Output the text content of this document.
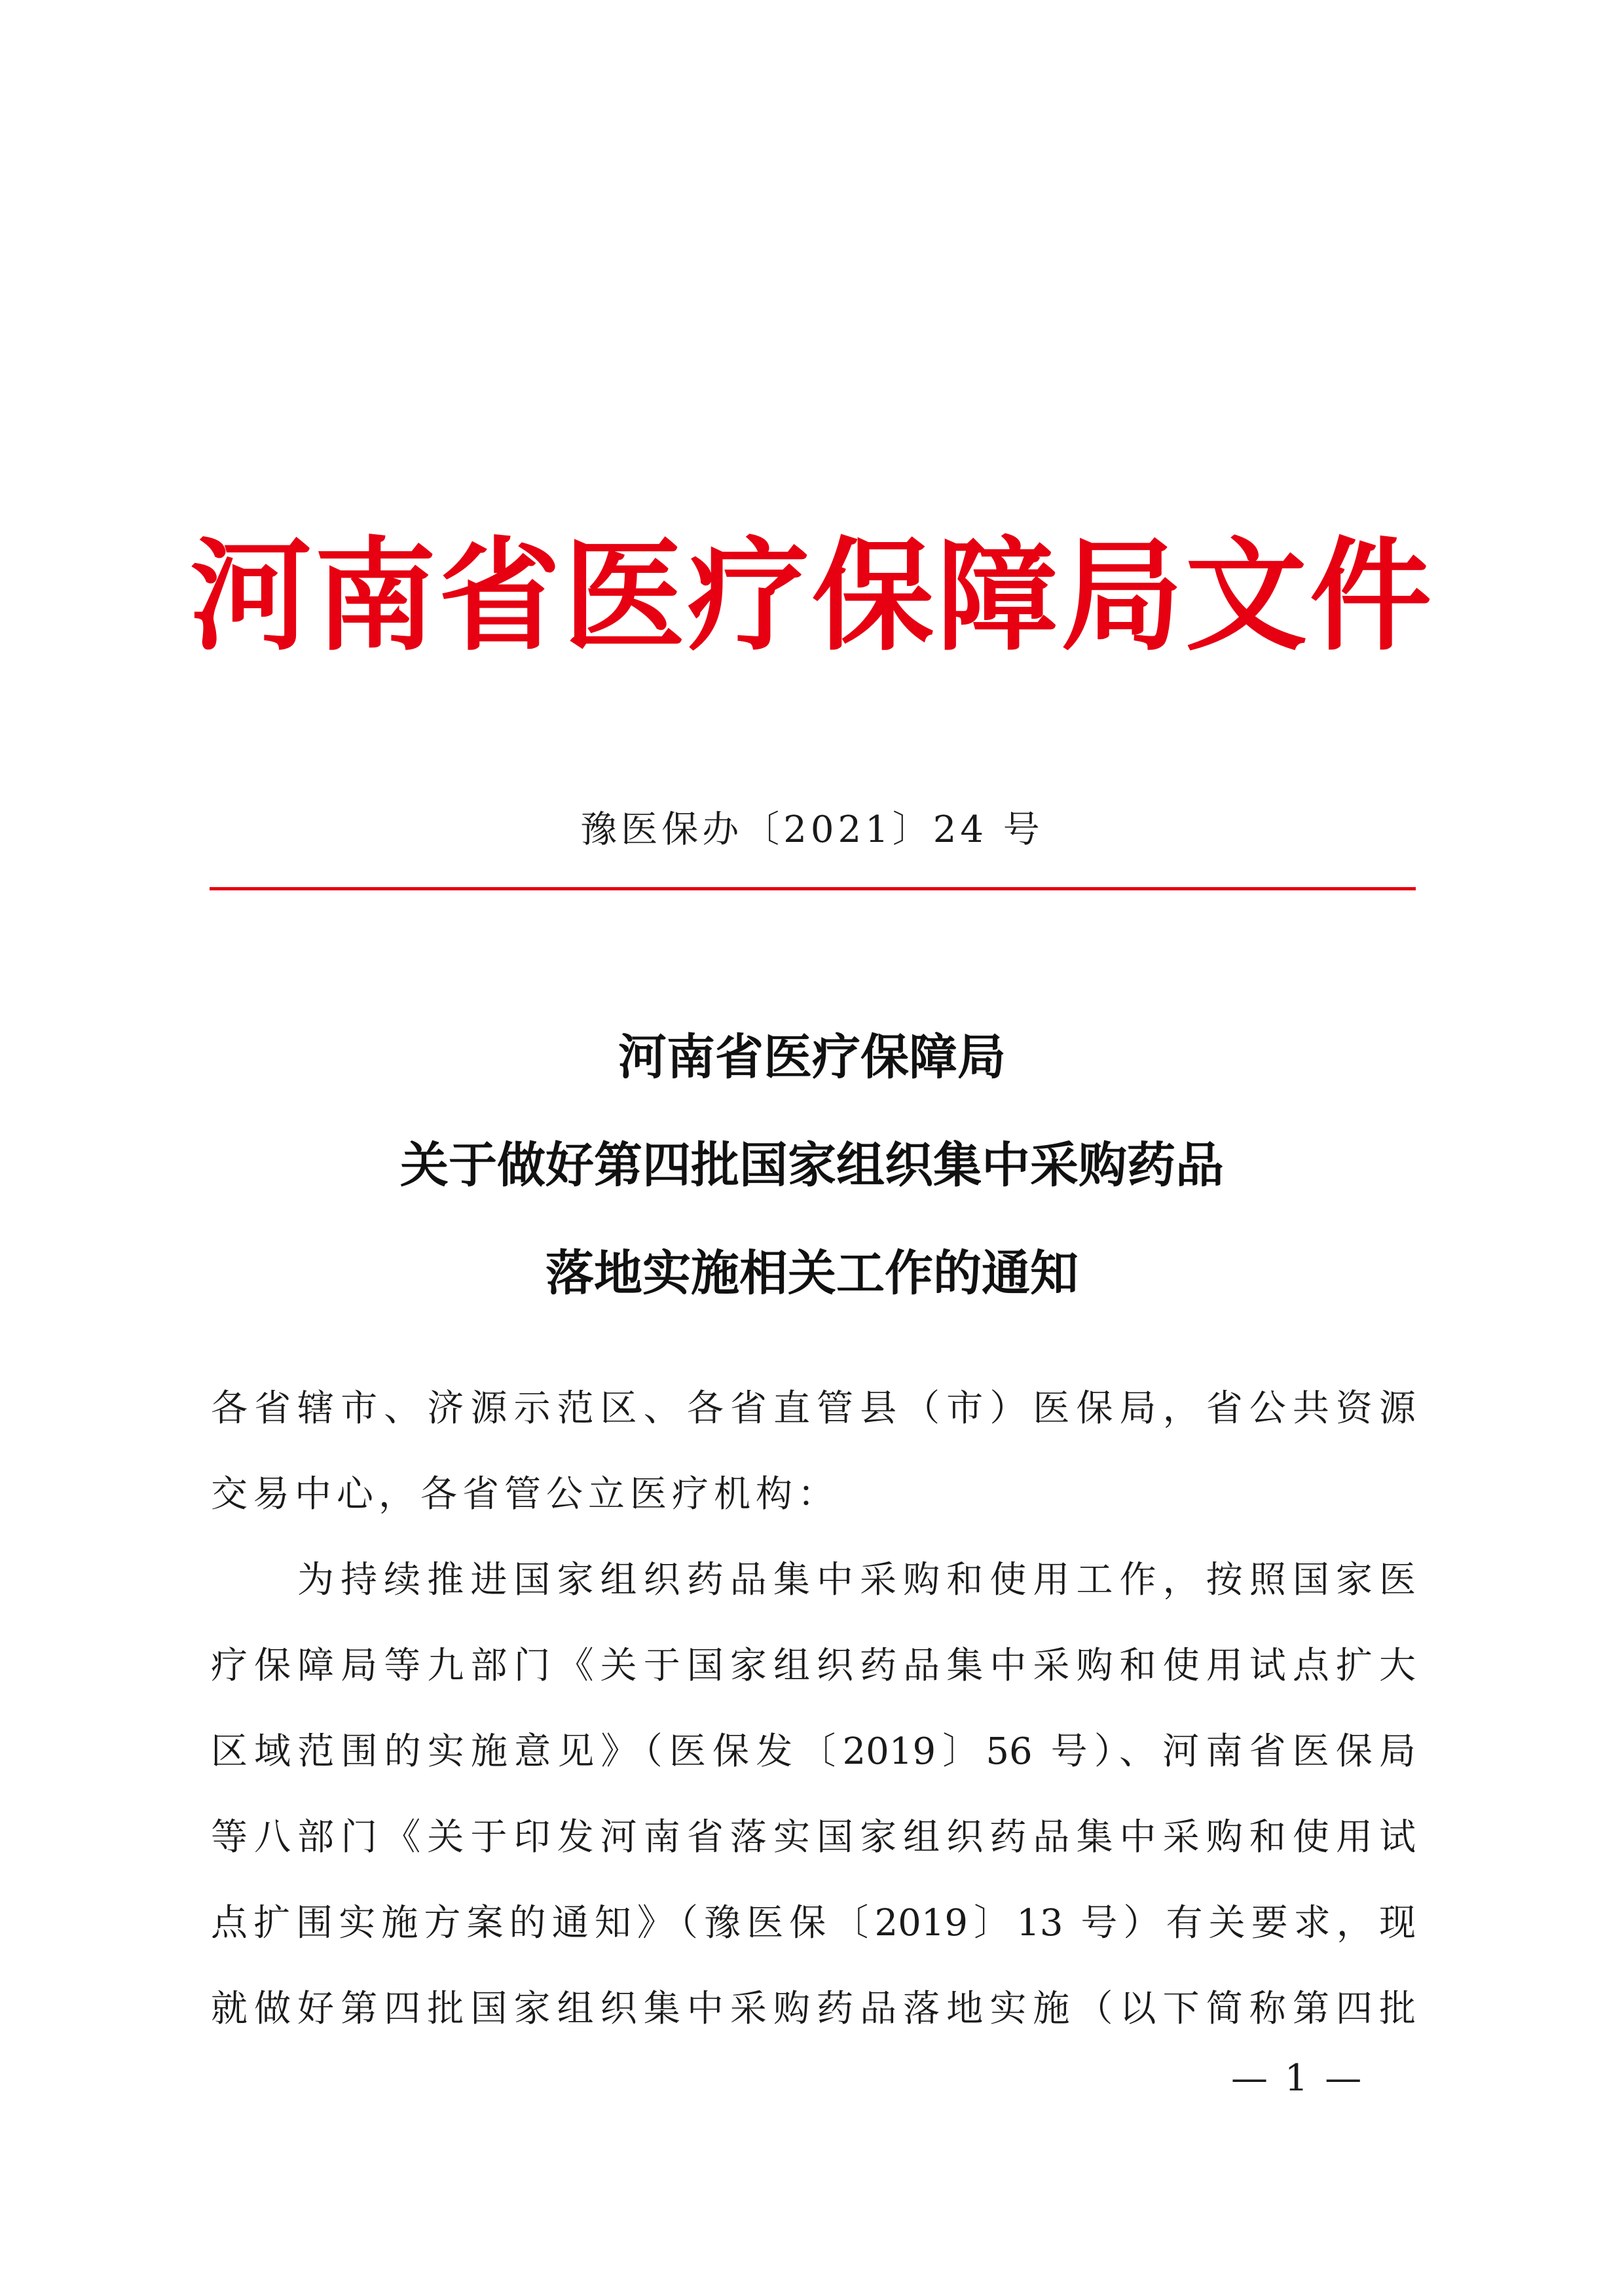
河南省医疗保障局文件
豫医保办〔2021〕24 号
河南省医疗保障局
关于做好第四批国家组织集中采购药品
落地实施相关工作的通知
各省辖市、济源示范区、各省直管县（市）医保局，省公共资源
交易中心，各省管公立医疗机构：
为持续推进国家组织药品集中采购和使用工作，按照国家医
疗保障局等九部门《关于国家组织药品集中采购和使用试点扩大
区域范围的实施意见》（医保发〔2019〕56 号）、河南省医保局
等八部门《关于印发河南省落实国家组织药品集中采购和使用试
点扩围实施方案的通知》（豫医保〔2019〕13 号）有关要求，现
就做好第四批国家组织集中采购药品落地实施（以下简称第四批
— 1 —
